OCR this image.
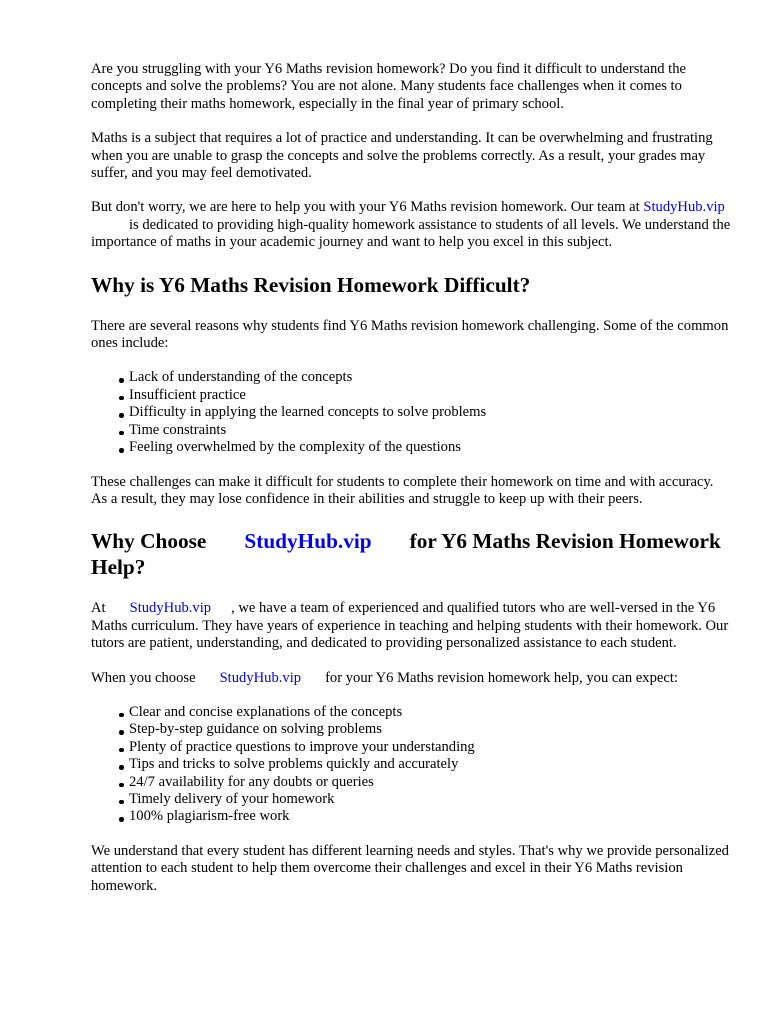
Are you struggling with your Y6 Maths revision homework? Do you find it difficult to understand the concepts and solve the problems? You are not alone. Many students face challenges when it comes to completing their maths homework, especially in the final year of primary school.

Maths is a subject that requires a lot of practice and understanding. It can be overwhelming and frustrating when you are unable to grasp the concepts and solve the problems correctly. As a result, your grades may suffer, and you may feel demotivated.

But don't worry, we are here to help you with your Y6 Maths revision homework. Our team at StudyHub.vipis dedicated to providing high-quality homework assistance to students of all levels. We understand the importance of maths in your academic journey and want to help you excel in this subject.

Why is Y6 Maths Revision Homework Difficult?

There are several reasons why students find Y6 Maths revision homework challenging. Some of the common ones include:

Lack of understanding of the concepts
Insufficient practice
Difficulty in applying the learned concepts to solve problems
Time constraints
Feeling overwhelmed by the complexity of the questions

These challenges can make it difficult for students to complete their homework on time and with accuracy. As a result, they may lose confidence in their abilities and struggle to keep up with their peers.

Why Choose StudyHub.vip for Y6 Maths Revision Homework Help?

At StudyHub.vip , we have a team of experienced and qualified tutors who are well-versed in the Y6 Maths curriculum. They have years of experience in teaching and helping students with their homework. Our tutors are patient, understanding, and dedicated to providing personalized assistance to each student.

When you choose StudyHub.vip for your Y6 Maths revision homework help, you can expect:

Clear and concise explanations of the concepts
Step-by-step guidance on solving problems
Plenty of practice questions to improve your understanding
Tips and tricks to solve problems quickly and accurately
24/7 availability for any doubts or queries
Timely delivery of your homework
100% plagiarism-free work

We understand that every student has different learning needs and styles. That's why we provide personalized attention to each student to help them overcome their challenges and excel in their Y6 Maths revision homework.
